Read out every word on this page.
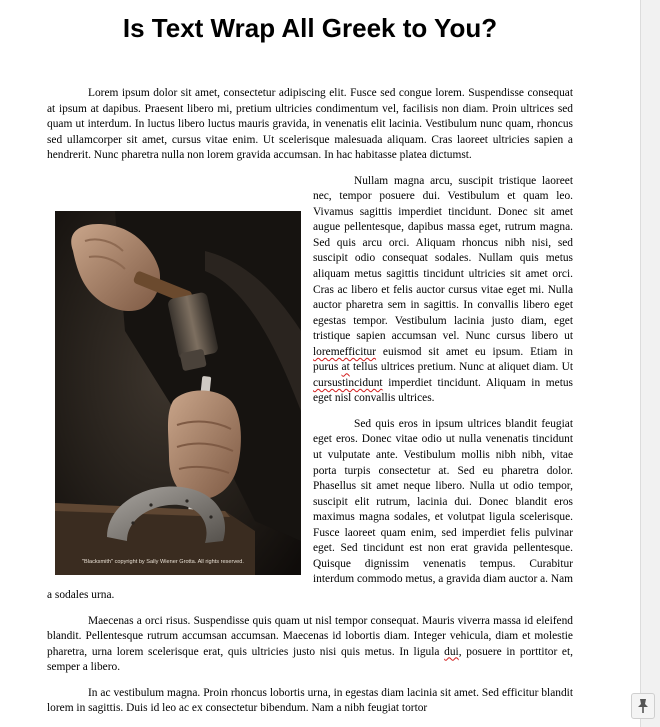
Is Text Wrap All Greek to You?

Lorem ipsum dolor sit amet, consectetur adipiscing elit. Fusce sed congue lorem. Suspendisse consequat at ipsum at dapibus. Praesent libero mi, pretium ultricies condimentum vel, facilisis non diam. Proin ultrices sed quam ut interdum. In luctus libero luctus mauris gravida, in venenatis elit lacinia. Vestibulum nunc quam, rhoncus sed ullamcorper sit amet, cursus vitae enim. Ut scelerisque malesuada aliquam. Cras laoreet ultricies sapien a hendrerit. Nunc pharetra nulla non lorem gravida accumsan. In hac habitasse platea dictumst.

"Blacksmith" copyright by Sally Wiener Grotta. All rights reserved.

Nullam magna arcu, suscipit tristique laoreet nec, tempor posuere dui. Vestibulum et quam leo. Vivamus sagittis imperdiet tincidunt. Donec sit amet augue pellentesque, dapibus massa eget, rutrum magna. Sed quis arcu orci. Aliquam rhoncus nibh nisi, sed suscipit odio consequat sodales. Nullam quis metus aliquam metus sagittis tincidunt ultricies sit amet orci. Cras ac libero et felis auctor cursus vitae eget mi. Nulla auctor pharetra sem in sagittis. In convallis libero eget egestas tempor. Vestibulum lacinia justo diam, eget tristique sapien accumsan vel. Nunc cursus libero ut loremefficitur euismod sit amet eu ipsum. Etiam in purus at tellus ultrices pretium. Nunc at aliquet diam. Ut cursustincidunt imperdiet tincidunt. Aliquam in metus eget nisl convallis ultrices.

Sed quis eros in ipsum ultrices blandit feugiat eget eros. Donec vitae odio ut nulla venenatis tincidunt ut vulputate ante. Vestibulum mollis nibh nibh, vitae porta turpis consectetur at. Sed eu pharetra dolor. Phasellus sit amet neque libero. Nulla ut odio tempor, suscipit elit rutrum, lacinia dui. Donec blandit eros maximus magna sodales, et volutpat ligula scelerisque. Fusce laoreet quam enim, sed imperdiet felis pulvinar eget. Sed tincidunt est non erat gravida pellentesque. Quisque dignissim venenatis tempus. Curabitur interdum commodo metus, a gravida diam auctor a. Nam a sodales urna.

Maecenas a orci risus. Suspendisse quis quam ut nisl tempor consequat. Mauris viverra massa id eleifend blandit. Pellentesque rutrum accumsan accumsan. Maecenas id lobortis diam. Integer vehicula, diam et molestie pharetra, urna lorem scelerisque erat, quis ultricies justo nisi quis metus. In ligula dui, posuere in porttitor et, semper a libero.

In ac vestibulum magna. Proin rhoncus lobortis urna, in egestas diam lacinia sit amet. Sed efficitur blandit lorem in sagittis. Duis id leo ac ex consectetur bibendum. Nam a nibh feugiat tortor
